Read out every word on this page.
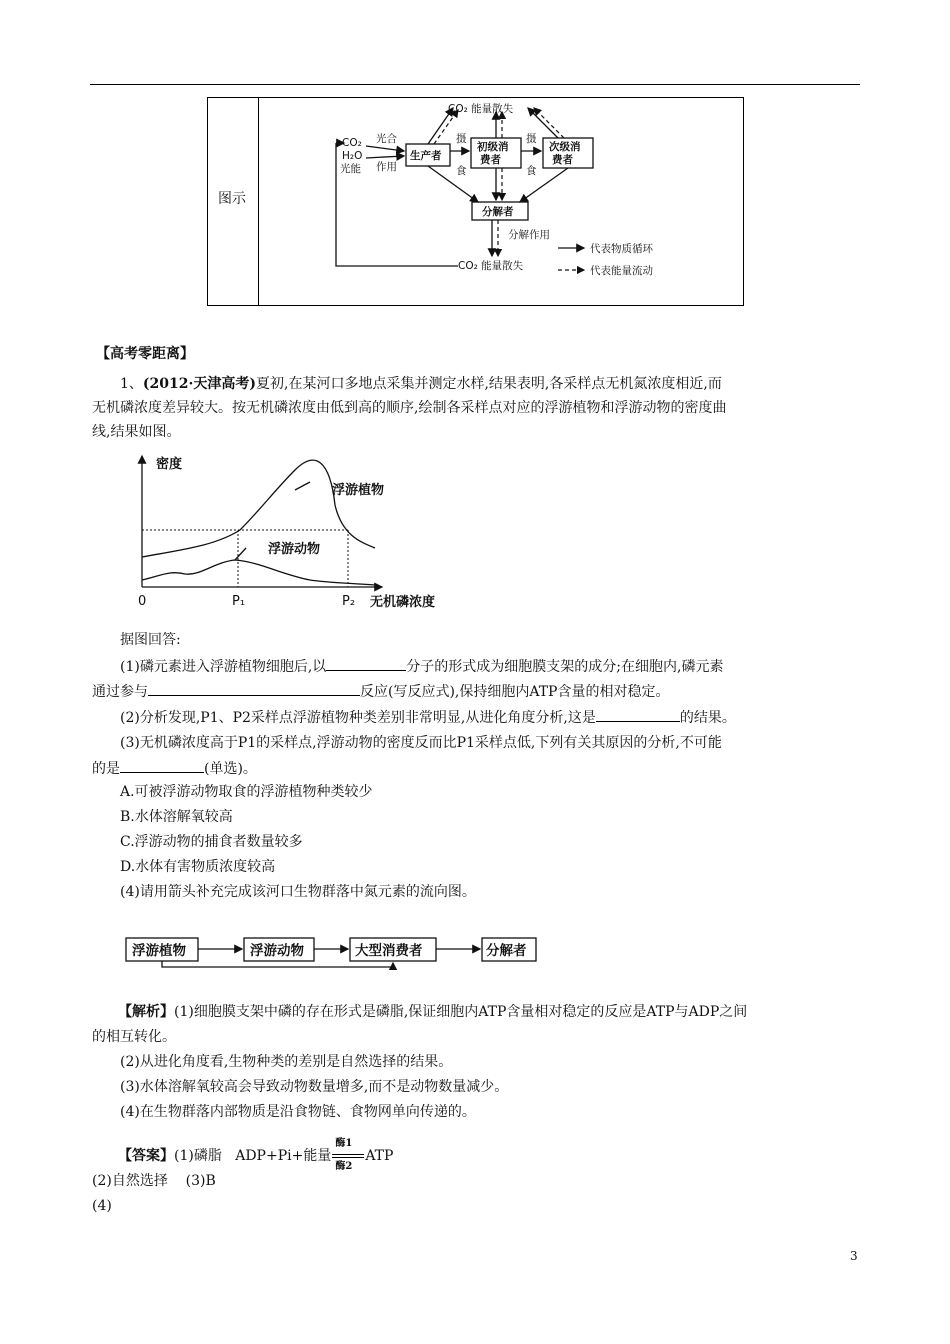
图示
CO₂ 能量散失
CO₂
H₂O
光能
光合
作用
生产者
初级消
费者
次级消
费者
摄
食
摄
食
分解者
分解作用
CO₂ 能量散失
代表物质循环
代表能量流动
【高考零距离】
1、(2012·天津高考)夏初,在某河口多地点采集并测定水样,结果表明,各采样点无机氮浓度相近,而
无机磷浓度差异较大。按无机磷浓度由低到高的顺序,绘制各采样点对应的浮游植物和浮游动物的密度曲
线,结果如图。
密度
浮游植物
浮游动物
无机磷浓度
0	P₁	P₂
据图回答:
(1)磷元素进入浮游植物细胞后,以	分子的形式成为细胞膜支架的成分;在细胞内,磷元素
通过参与	反应(写反应式),保持细胞内ATP含量的相对稳定。
(2)分析发现,P1、P2采样点浮游植物种类差别非常明显,从进化角度分析,这是	的结果。
(3)无机磷浓度高于P1的采样点,浮游动物的密度反而比P1采样点低,下列有关其原因的分析,不可能
的是	(单选)。
A.可被浮游动物取食的浮游植物种类较少
B.水体溶解氧较高
C.浮游动物的捕食者数量较多
D.水体有害物质浓度较高
(4)请用箭头补充完成该河口生物群落中氮元素的流向图。
浮游植物	浮游动物	大型消费者	分解者
【解析】(1)细胞膜支架中磷的存在形式是磷脂,保证细胞内ATP含量相对稳定的反应是ATP与ADP之间
的相互转化。
(2)从进化角度看,生物种类的差别是自然选择的结果。
(3)水体溶解氧较高会导致动物数量增多,而不是动物数量减少。
(4)在生物群落内部物质是沿食物链、食物网单向传递的。
【答案】(1)磷脂 ADP+Pi+能量
酶1
酶2
ATP
(2)自然选择 (3)B
(4)
3
